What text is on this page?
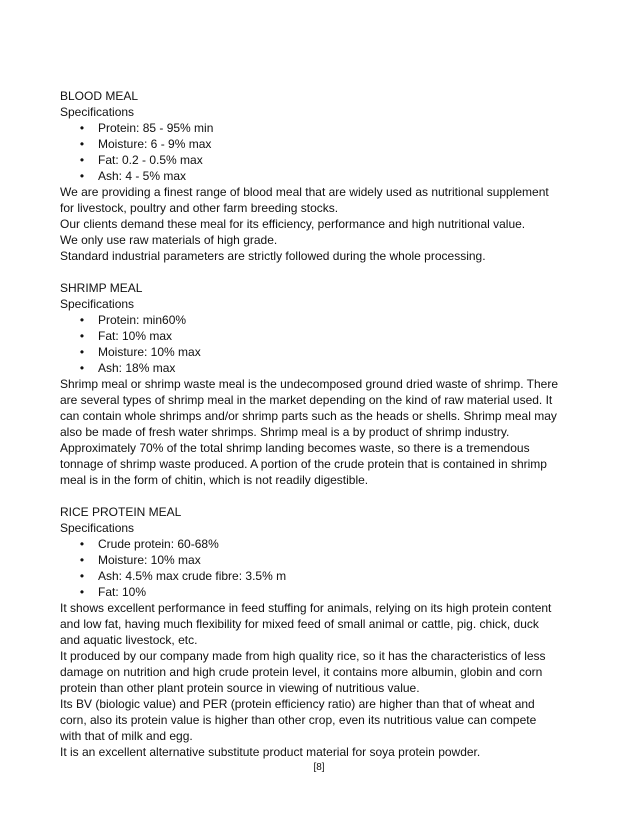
BLOOD MEAL
Specifications
• Protein: 85 - 95% min
• Moisture: 6 - 9% max
• Fat: 0.2 - 0.5% max
• Ash: 4 - 5% max
We are providing a finest range of blood meal that are widely used as nutritional supplement
for livestock, poultry and other farm breeding stocks.
Our clients demand these meal for its efficiency, performance and high nutritional value.
We only use raw materials of high grade.
Standard industrial parameters are strictly followed during the whole processing.
SHRIMP MEAL
Specifications
• Protein: min60%
• Fat: 10% max
• Moisture: 10% max
• Ash: 18% max
Shrimp meal or shrimp waste meal is the undecomposed ground dried waste of shrimp. There
are several types of shrimp meal in the market depending on the kind of raw material used. It
can contain whole shrimps and/or shrimp parts such as the heads or shells. Shrimp meal may
also be made of fresh water shrimps. Shrimp meal is a by product of shrimp industry.
Approximately 70% of the total shrimp landing becomes waste, so there is a tremendous
tonnage of shrimp waste produced. A portion of the crude protein that is contained in shrimp
meal is in the form of chitin, which is not readily digestible.
RICE PROTEIN MEAL
Specifications
• Crude protein: 60-68%
• Moisture: 10% max
• Ash: 4.5% max crude fibre: 3.5% m
• Fat: 10%
It shows excellent performance in feed stuffing for animals, relying on its high protein content
and low fat, having much flexibility for mixed feed of small animal or cattle, pig. chick, duck
and aquatic livestock, etc.
It produced by our company made from high quality rice, so it has the characteristics of less
damage on nutrition and high crude protein level, it contains more albumin, globin and corn
protein than other plant protein source in viewing of nutritious value.
Its BV (biologic value) and PER (protein efficiency ratio) are higher than that of wheat and
corn, also its protein value is higher than other crop, even its nutritious value can compete
with that of milk and egg.
It is an excellent alternative substitute product material for soya protein powder.
[8]
